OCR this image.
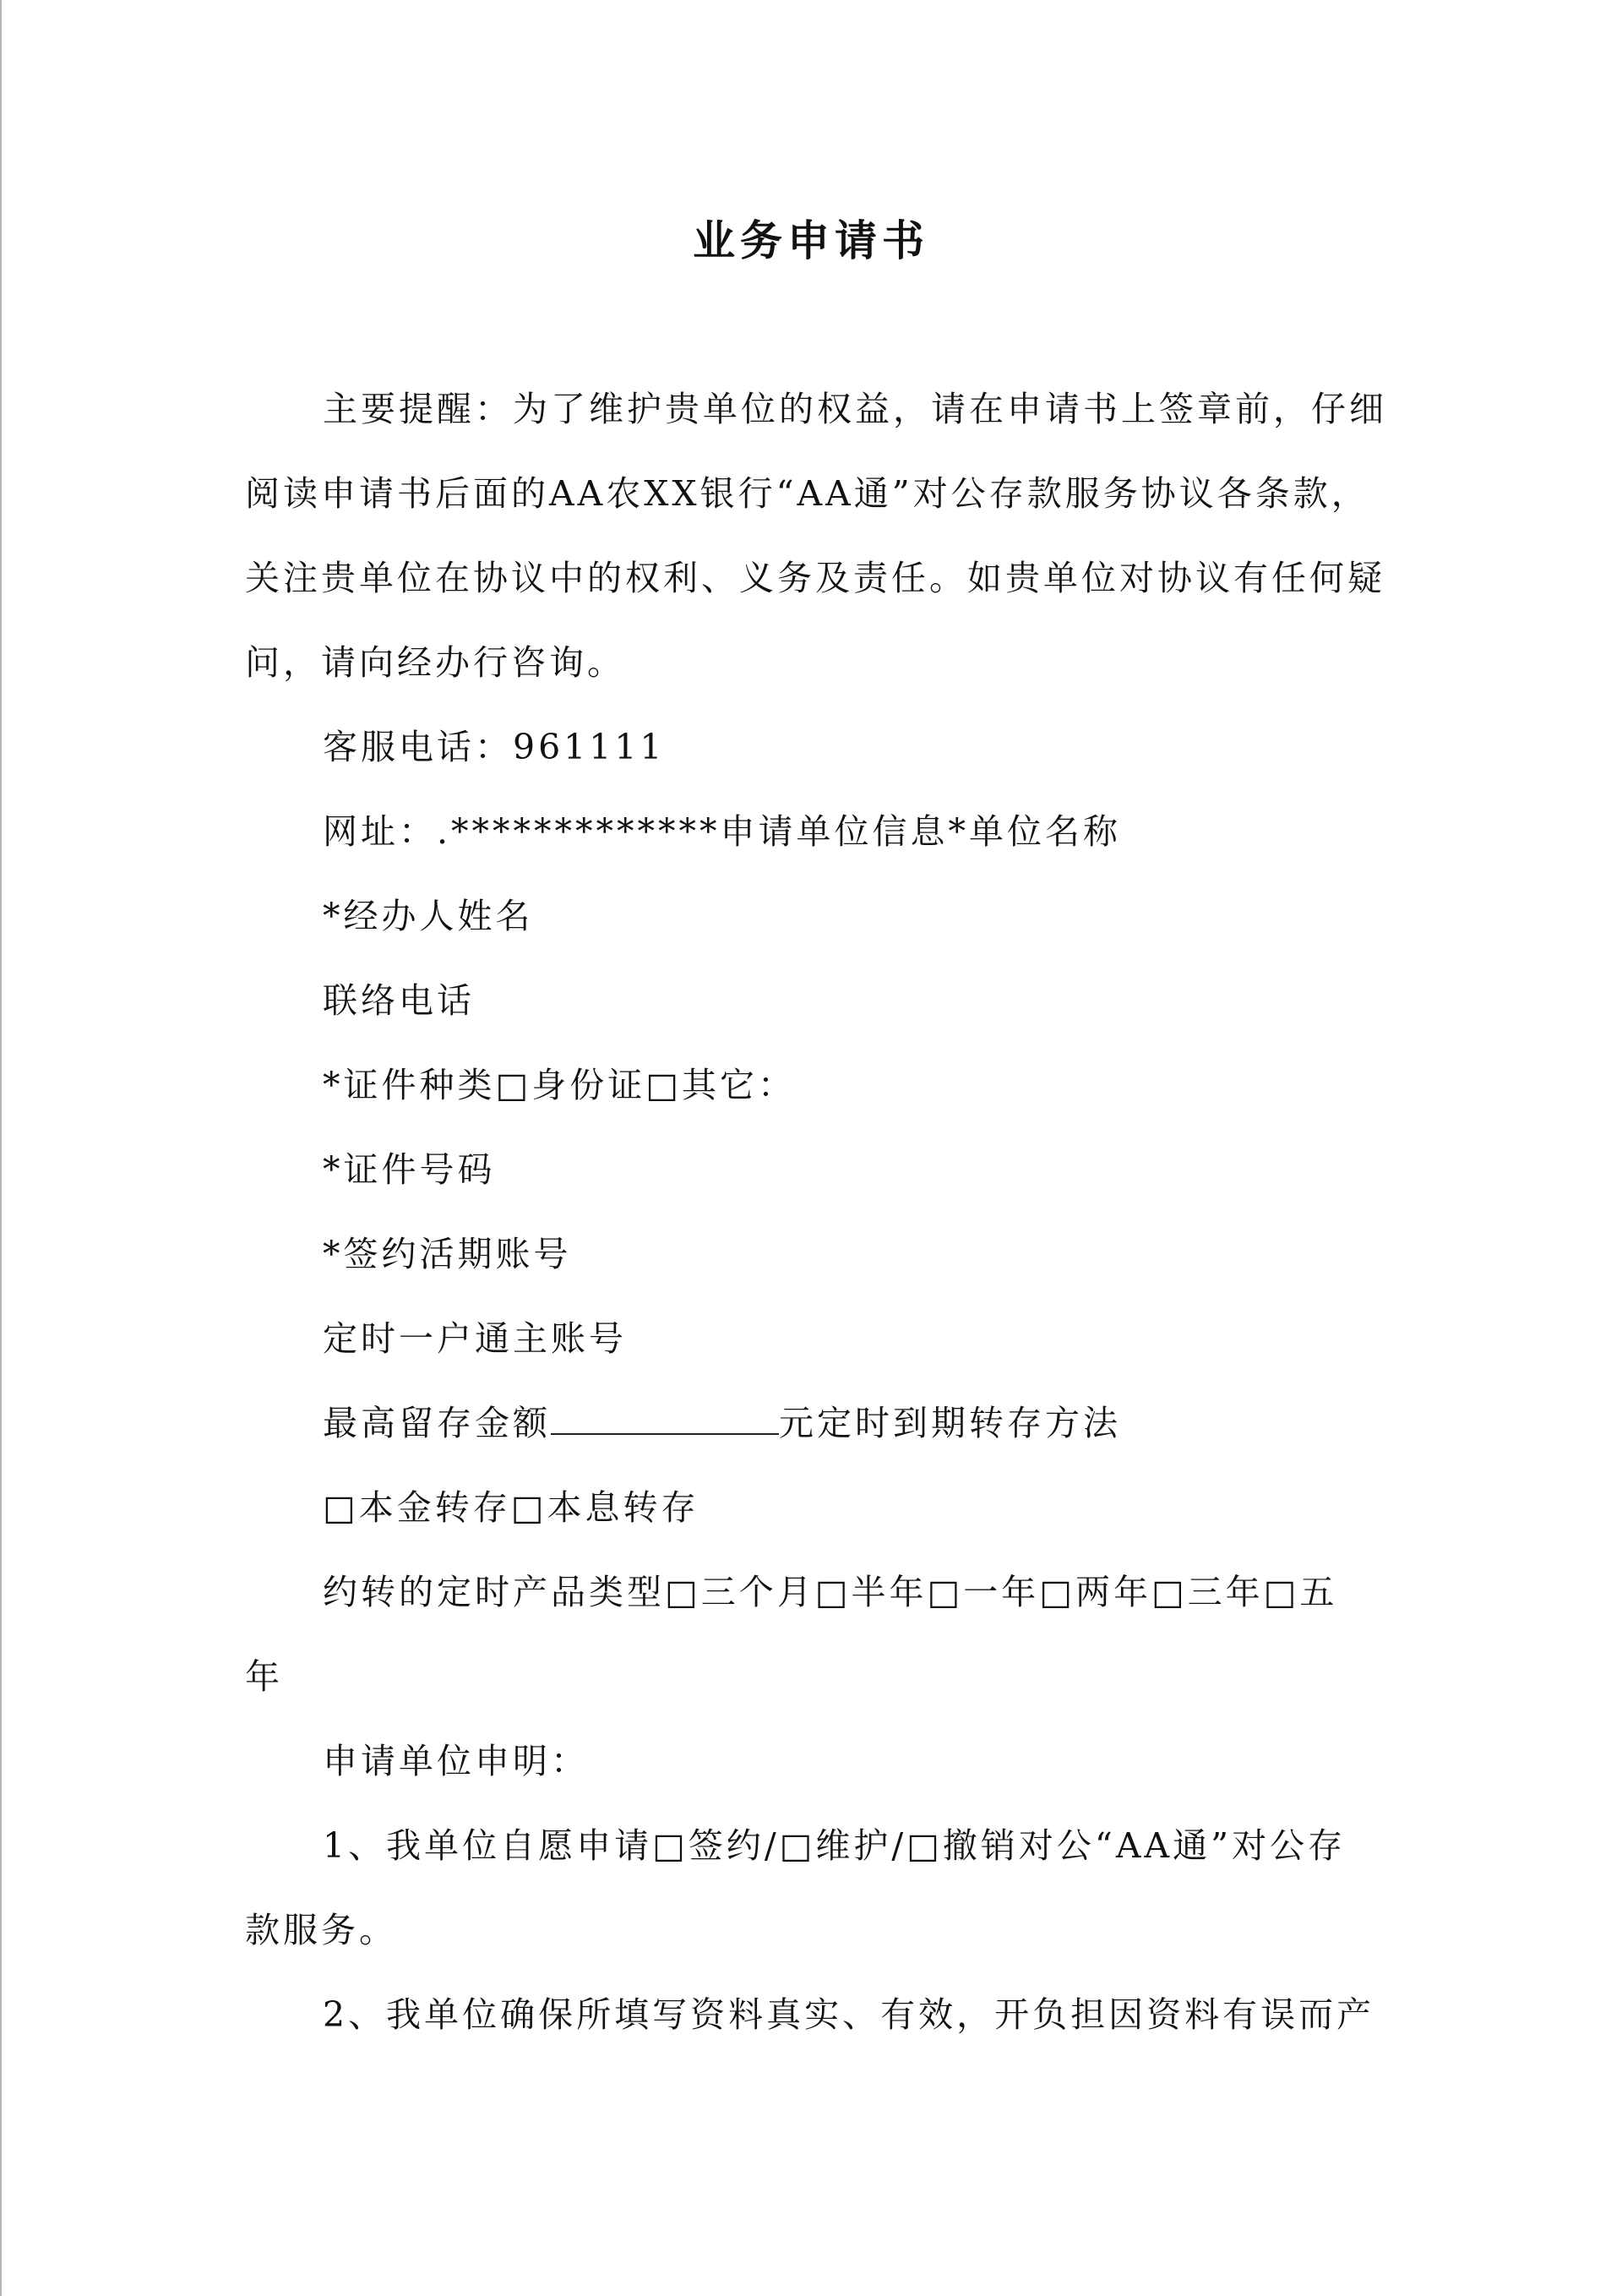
业务申请书
主要提醒：为了维护贵单位的权益，请在申请书上签章前，仔细
阅读申请书后面的AA农XX银行“AA通”对公存款服务协议各条款，
关注贵单位在协议中的权利、义务及责任。如贵单位对协议有任何疑
问，请向经办行咨询。
客服电话：961111
网址：.*************申请单位信息*单位名称
*经办人姓名
联络电话
*证件种类□身份证□其它：
*证件号码
*签约活期账号
定时一户通主账号
最高留存金额	元定时到期转存方法
□本金转存□本息转存
约转的定时产品类型□三个月□半年□一年□两年□三年□五
年
申请单位申明：
1、我单位自愿申请□签约/□维护/□撤销对公“AA通”对公存
款服务。
2、我单位确保所填写资料真实、有效，开负担因资料有误而产
